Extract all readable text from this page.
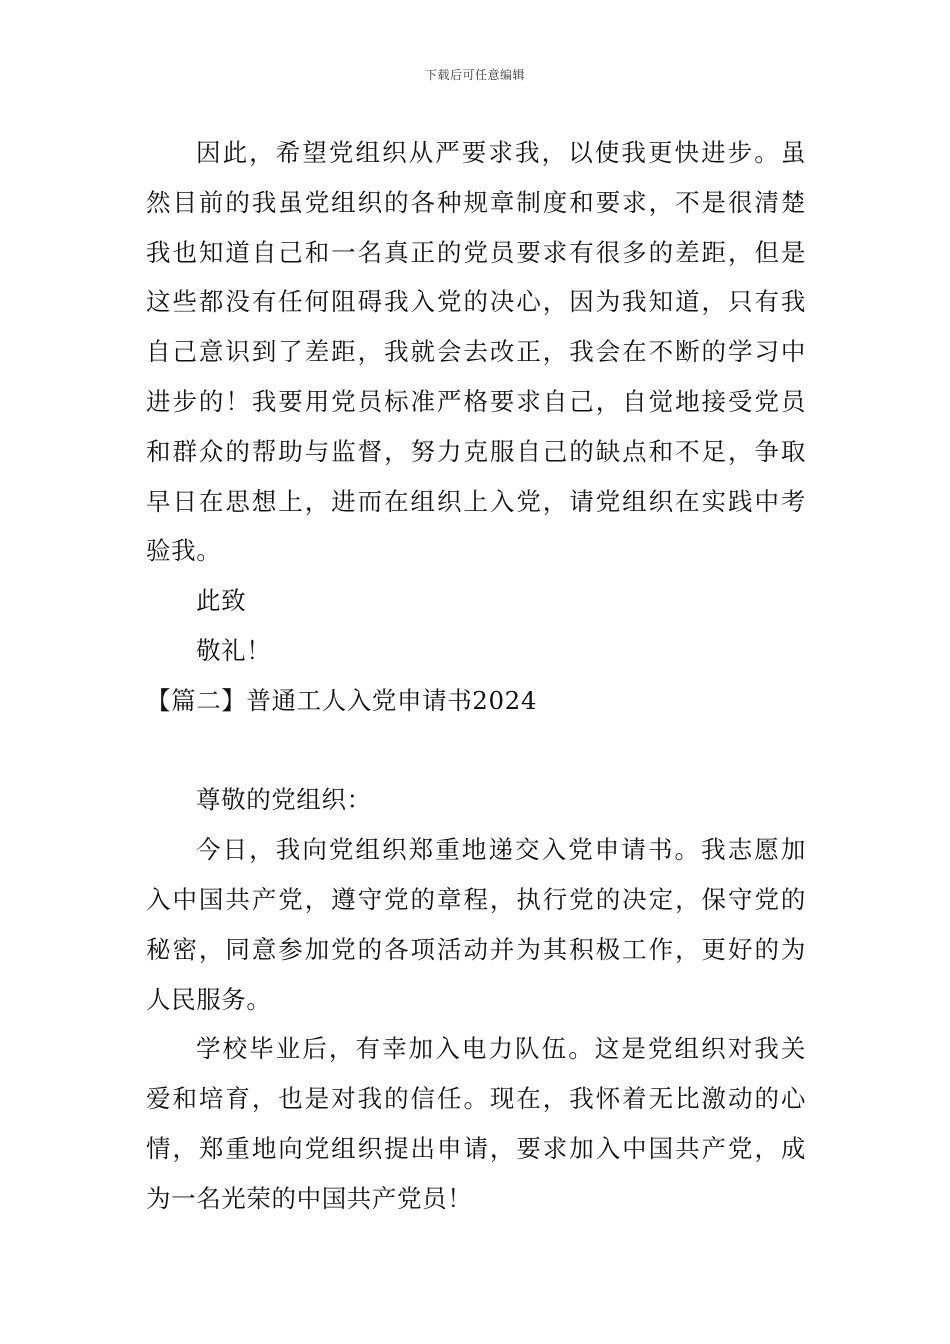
下载后可任意编辑
因此，希望党组织从严要求我，以使我更快进步。虽
然目前的我虽党组织的各种规章制度和要求，不是很清楚
我也知道自己和一名真正的党员要求有很多的差距，但是
这些都没有任何阻碍我入党的决心，因为我知道，只有我
自己意识到了差距，我就会去改正，我会在不断的学习中
进步的！我要用党员标准严格要求自己，自觉地接受党员
和群众的帮助与监督，努力克服自己的缺点和不足，争取
早日在思想上，进而在组织上入党，请党组织在实践中考
验我。
此致
敬礼！
【篇二】普通工人入党申请书2024
尊敬的党组织：
今日，我向党组织郑重地递交入党申请书。我志愿加
入中国共产党，遵守党的章程，执行党的决定，保守党的
秘密，同意参加党的各项活动并为其积极工作，更好的为
人民服务。
学校毕业后，有幸加入电力队伍。这是党组织对我关
爱和培育，也是对我的信任。现在，我怀着无比激动的心
情，郑重地向党组织提出申请，要求加入中国共产党，成
为一名光荣的中国共产党员！
